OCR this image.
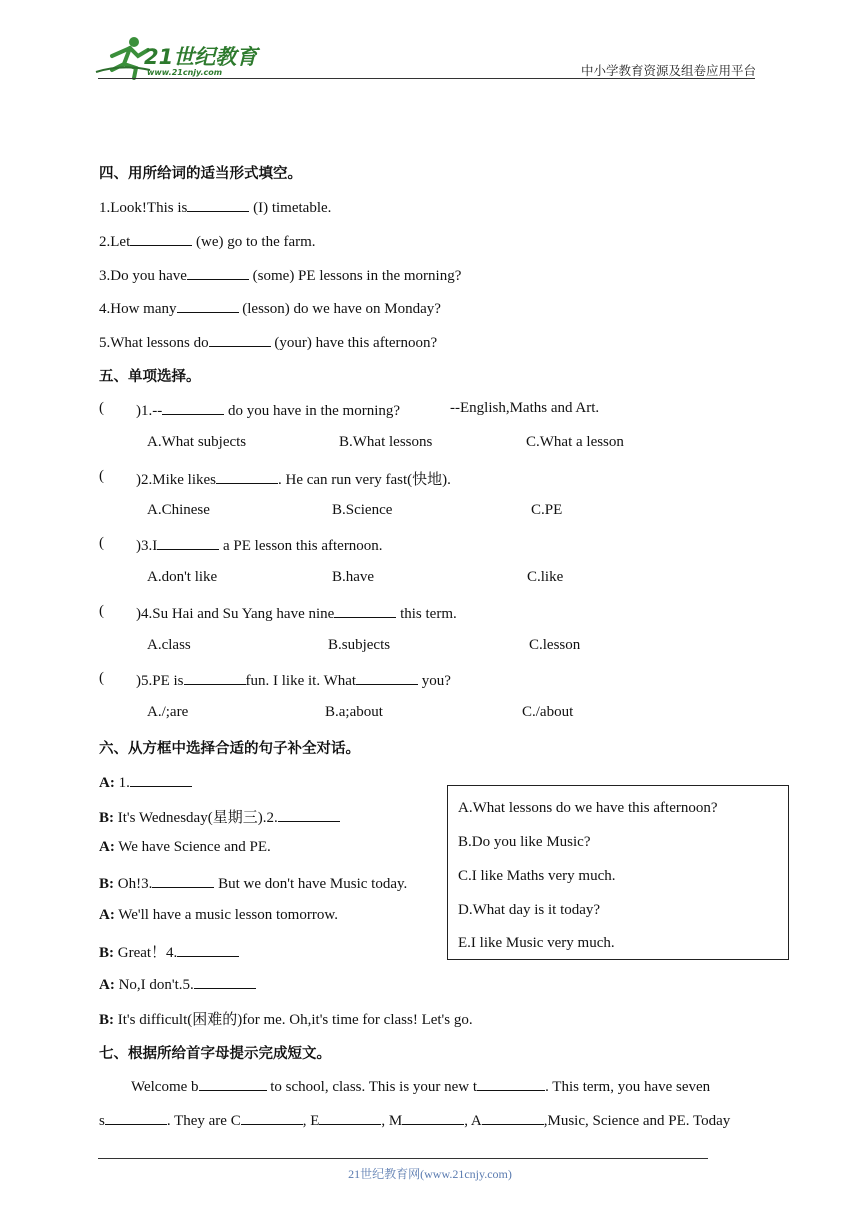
21世纪教育
www.21cnjy.com	中小学教育资源及组卷应用平台
四、用所给词的适当形式填空。
1.Look!This is	(I) timetable.
2.Let	(we) go to the farm.
3.Do you have	(some) PE lessons in the morning?
4.How many	(lesson) do we have on Monday?
5.What lessons do	(your) have this afternoon?
五、单项选择。
( )1.--	do you have in the morning?	--English,Maths and Art.
A.What subjects	B.What lessons	C.What a lesson
( )2.Mike likes	. He can run very fast(快地).
A.Chinese	B.Science	C.PE
( )3.I	a PE lesson this afternoon.
A.don't like	B.have	C.like
( )4.Su Hai and Su Yang have nine	this term.
A.class	B.subjects	C.lesson
( )5.PE is	fun. I like it. What	you?
A./;are	B.a;about	C./about
六、从方框中选择合适的句子补全对话。
A: 1.
B: It's Wednesday(星期三).2.
A: We have Science and PE.
B: Oh!3.	But we don't have Music today.
A: We'll have a music lesson tomorrow.
B: Great！4.
A: No,I don't.5.
B: It's difficult(困难的)for me. Oh,it's time for class! Let's go.
A.What lessons do we have this afternoon?
B.Do you like Music?
C.I like Maths very much.
D.What day is it today?
E.I like Music very much.
七、根据所给首字母提示完成短文。
Welcome b	to school, class. This is your new t	. This term, you have seven
s	. They are C	, E	, M	, A	,Music, Science and PE. Today
21世纪教育网(www.21cnjy.com)
